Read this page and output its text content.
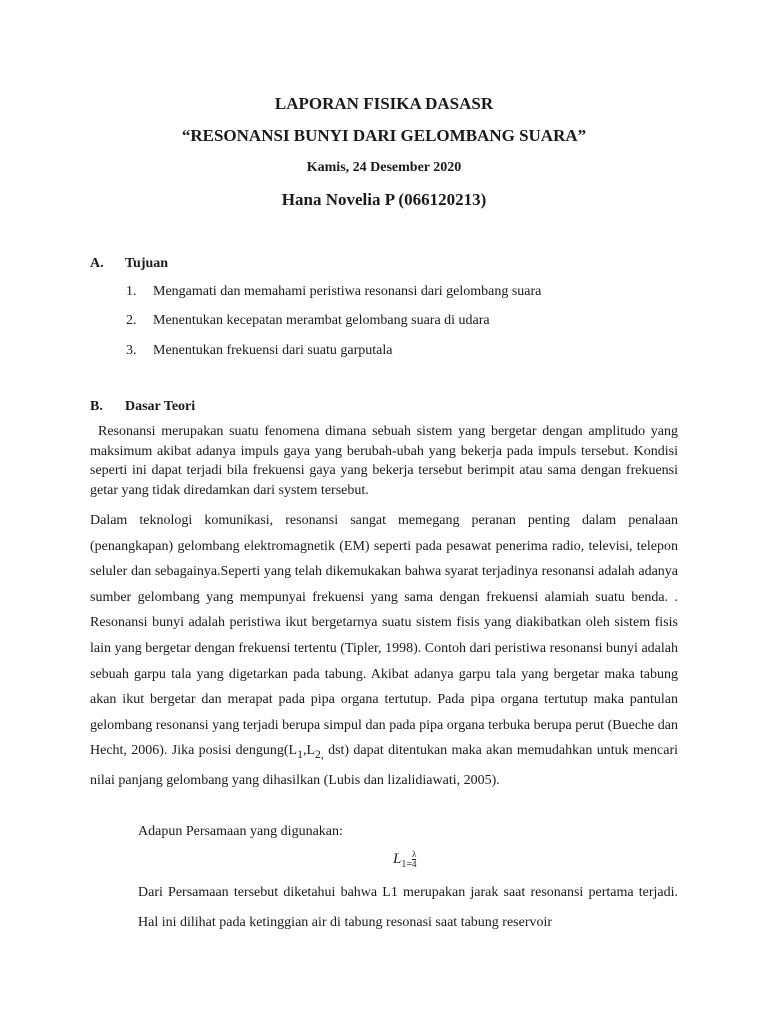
LAPORAN FISIKA DASASR
“RESONANSI BUNYI DARI GELOMBANG SUARA”
Kamis, 24 Desember 2020
Hana Novelia P (066120213)
A. Tujuan
1. Mengamati dan memahami peristiwa resonansi dari gelombang suara
2. Menentukan kecepatan merambat gelombang suara di udara
3. Menentukan frekuensi dari suatu garputala
B. Dasar Teori

Resonansi merupakan suatu fenomena dimana sebuah sistem yang bergetar dengan amplitudo yang maksimum akibat adanya impuls gaya yang berubah-ubah yang bekerja pada impuls tersebut. Kondisi seperti ini dapat terjadi bila frekuensi gaya yang bekerja tersebut berimpit atau sama dengan frekuensi getar yang tidak diredamkan dari system tersebut.

Dalam teknologi komunikasi, resonansi sangat memegang peranan penting dalam penalaan (penangkapan) gelombang elektromagnetik (EM) seperti pada pesawat penerima radio, televisi, telepon seluler dan sebagainya.Seperti yang telah dikemukakan bahwa syarat terjadinya resonansi adalah adanya sumber gelombang yang mempunyai frekuensi yang sama dengan frekuensi alamiah suatu benda. . Resonansi bunyi adalah peristiwa ikut bergetarnya suatu sistem fisis yang diakibatkan oleh sistem fisis lain yang bergetar dengan frekuensi tertentu (Tipler, 1998). Contoh dari peristiwa resonansi bunyi adalah sebuah garpu tala yang digetarkan pada tabung. Akibat adanya garpu tala yang bergetar maka tabung akan ikut bergetar dan merapat pada pipa organa tertutup. Pada pipa organa tertutup maka pantulan gelombang resonansi yang terjadi berupa simpul dan pada pipa organa terbuka berupa perut (Bueche dan Hecht, 2006). Jika posisi $dengung(L_1,L_{2,}$ dst) dapat ditentukan maka akan memudahkan untuk mencari nilai panjang gelombang yang dihasilkan (Lubis dan lizalidiawati, 2005).

Adapun Persamaan yang digunakan:
$L_{1=} \frac{\lambda}{4}$

Dari Persamaan tersebut diketahui bahwa L1 merupakan jarak saat resonansi pertama terjadi. Hal ini dilihat pada ketinggian air di tabung resonasi saat tabung reservoir
